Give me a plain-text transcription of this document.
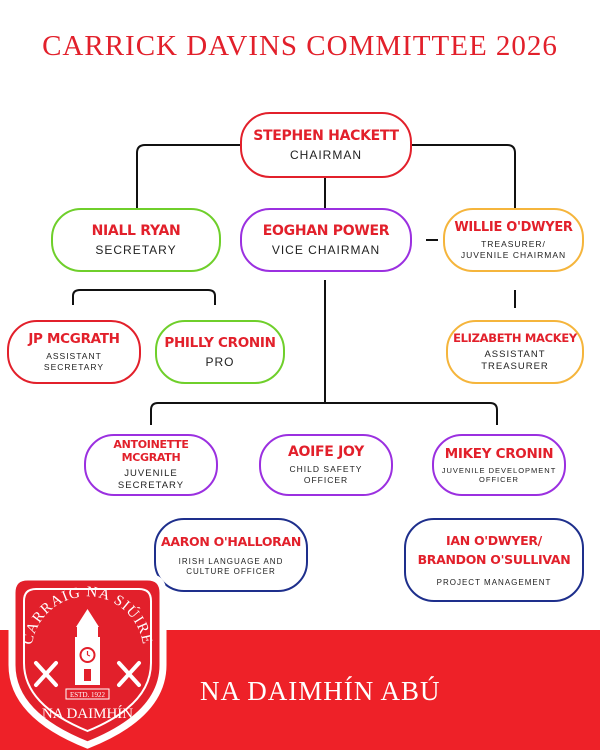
CARRICK DAVINS COMMITTEE 2026
STEPHEN HACKETT
CHAIRMAN
NIALL RYAN
SECRETARY
EOGHAN POWER
VICE CHAIRMAN
WILLIE O'DWYER
TREASURER/
JUVENILE CHAIRMAN
JP MCGRATH
ASSISTANT
SECRETARY
PHILLY CRONIN
PRO
ELIZABETH MACKEY
ASSISTANT
TREASURER
ANTOINETTE MCGRATH
JUVENILE
SECRETARY
AOIFE JOY
CHILD SAFETY
OFFICER
MIKEY CRONIN
JUVENILE DEVELOPMENT
OFFICER
AARON O'HALLORAN
IRISH LANGUAGE AND
CULTURE OFFICER
IAN O'DWYER/
BRANDON O'SULLIVAN
PROJECT MANAGEMENT
NA DAIMHÍN ABÚ
CARRAIG NA SIÚIRE
ESTD. 1922
NA DAIMHÍN
